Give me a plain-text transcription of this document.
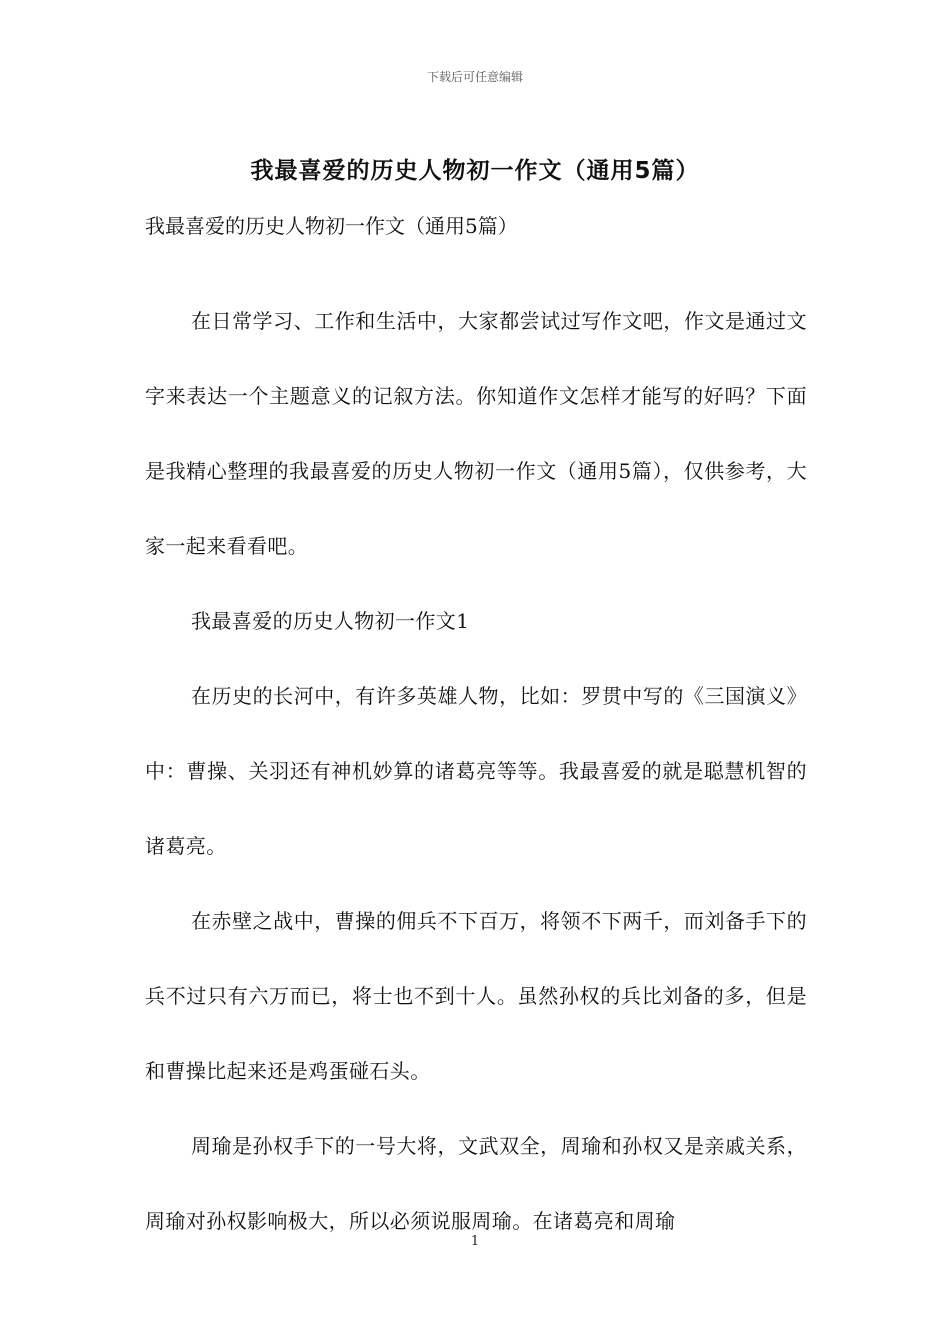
下载后可任意编辑
我最喜爱的历史人物初一作文（通用5篇）

我最喜爱的历史人物初一作文（通用5篇）

在日常学习、工作和生活中，大家都尝试过写作文吧，作文是通过文字来表达一个主题意义的记叙方法。你知道作文怎样才能写的好吗？下面是我精心整理的我最喜爱的历史人物初一作文（通用5篇），仅供参考，大家一起来看看吧。

我最喜爱的历史人物初一作文1

在历史的长河中，有许多英雄人物，比如：罗贯中写的《三国演义》中：曹操、关羽还有神机妙算的诸葛亮等等。我最喜爱的就是聪慧机智的诸葛亮。

在赤壁之战中，曹操的佣兵不下百万，将领不下两千，而刘备手下的兵不过只有六万而已，将士也不到十人。虽然孙权的兵比刘备的多，但是和曹操比起来还是鸡蛋碰石头。

周瑜是孙权手下的一号大将，文武双全，周瑜和孙权又是亲戚关系，周瑜对孙权影响极大，所以必须说服周瑜。在诸葛亮和周瑜

1
